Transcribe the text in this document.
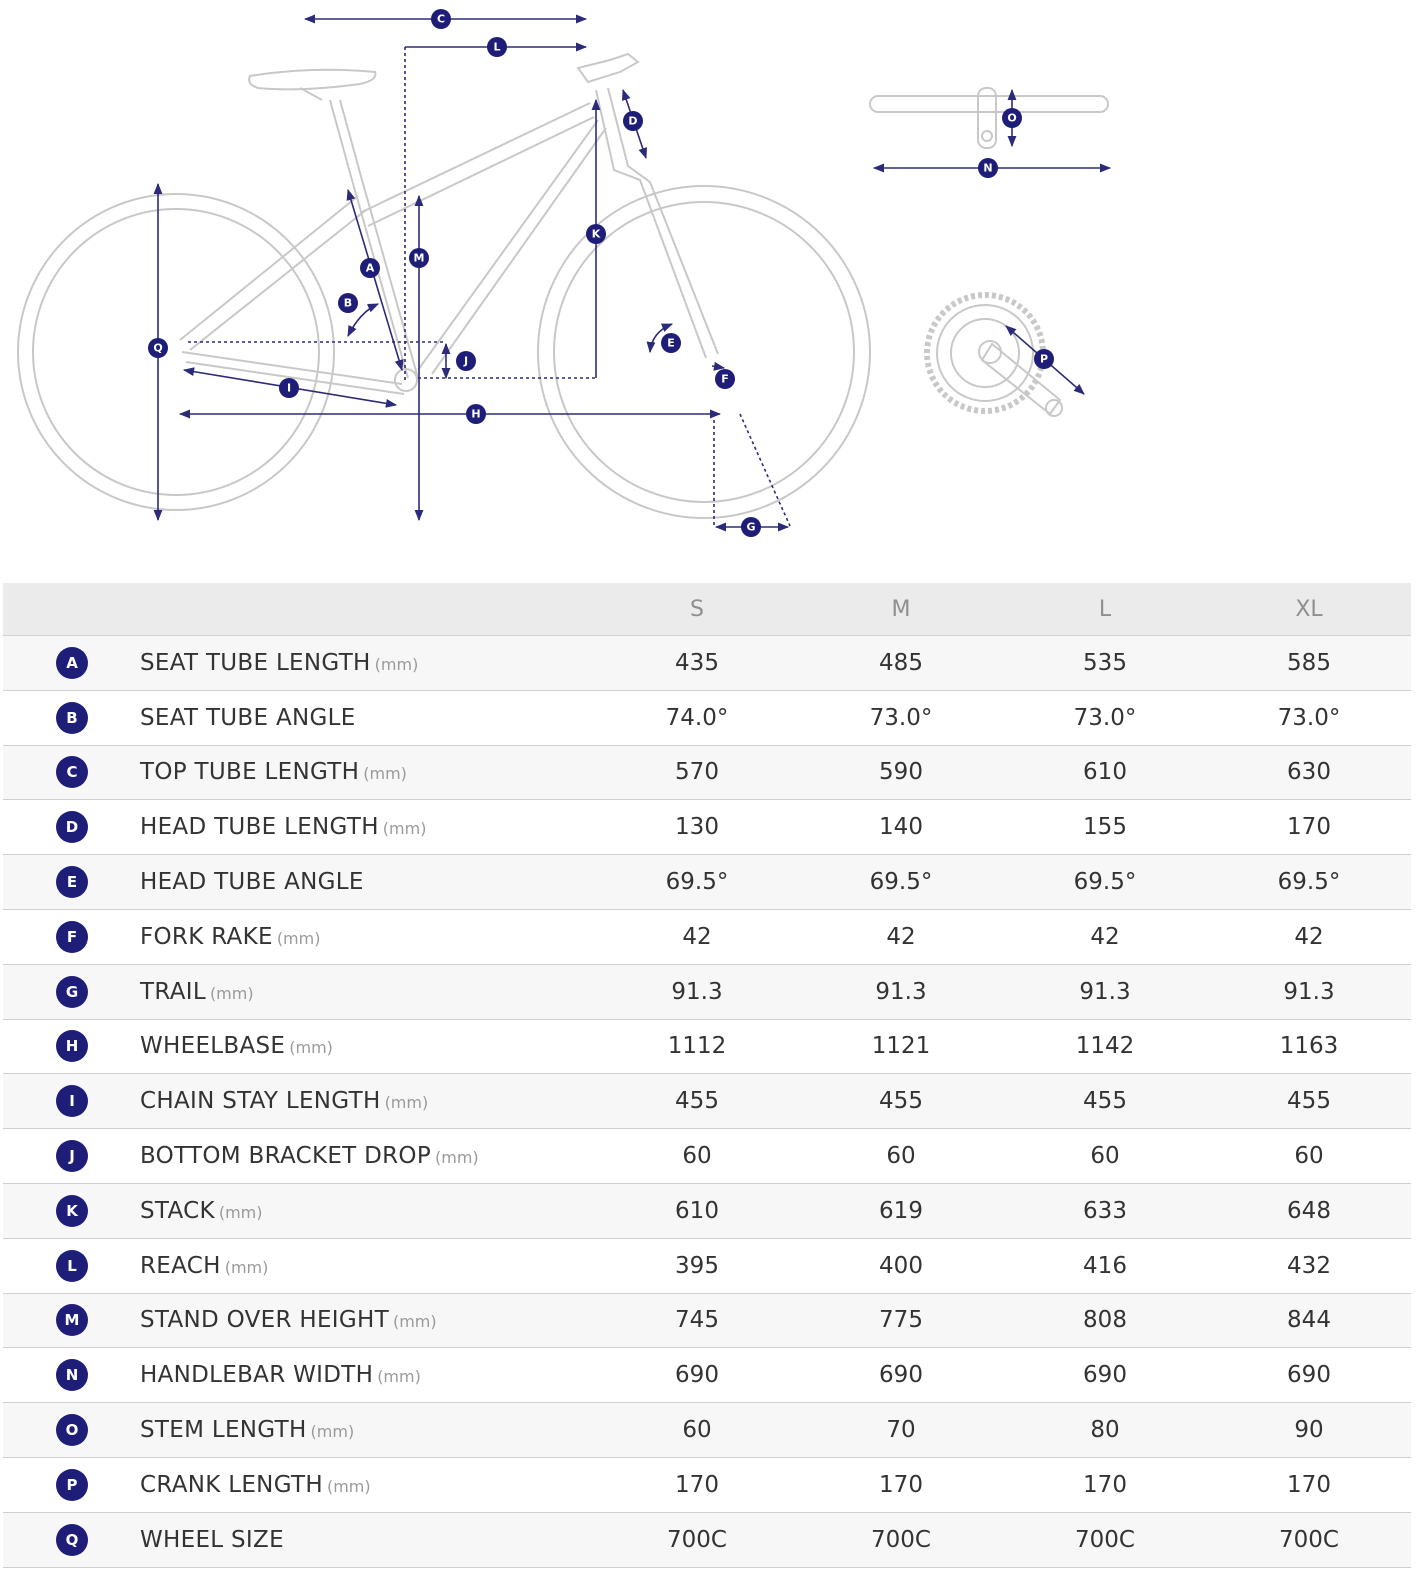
A
B
C
D
E
F
G
H
I
J
K
L
M
N
O
P
Q
		S	M	L	XL
A	SEAT TUBE LENGTH (mm)	435	485	535	585
B	SEAT TUBE ANGLE	74.0°	73.0°	73.0°	73.0°
C	TOP TUBE LENGTH (mm)	570	590	610	630
D	HEAD TUBE LENGTH (mm)	130	140	155	170
E	HEAD TUBE ANGLE	69.5°	69.5°	69.5°	69.5°
F	FORK RAKE (mm)	42	42	42	42
G	TRAIL (mm)	91.3	91.3	91.3	91.3
H	WHEELBASE (mm)	1112	1121	1142	1163
I	CHAIN STAY LENGTH (mm)	455	455	455	455
J	BOTTOM BRACKET DROP (mm)	60	60	60	60
K	STACK (mm)	610	619	633	648
L	REACH (mm)	395	400	416	432
M	STAND OVER HEIGHT (mm)	745	775	808	844
N	HANDLEBAR WIDTH (mm)	690	690	690	690
O	STEM LENGTH (mm)	60	70	80	90
P	CRANK LENGTH (mm)	170	170	170	170
Q	WHEEL SIZE	700C	700C	700C	700C
